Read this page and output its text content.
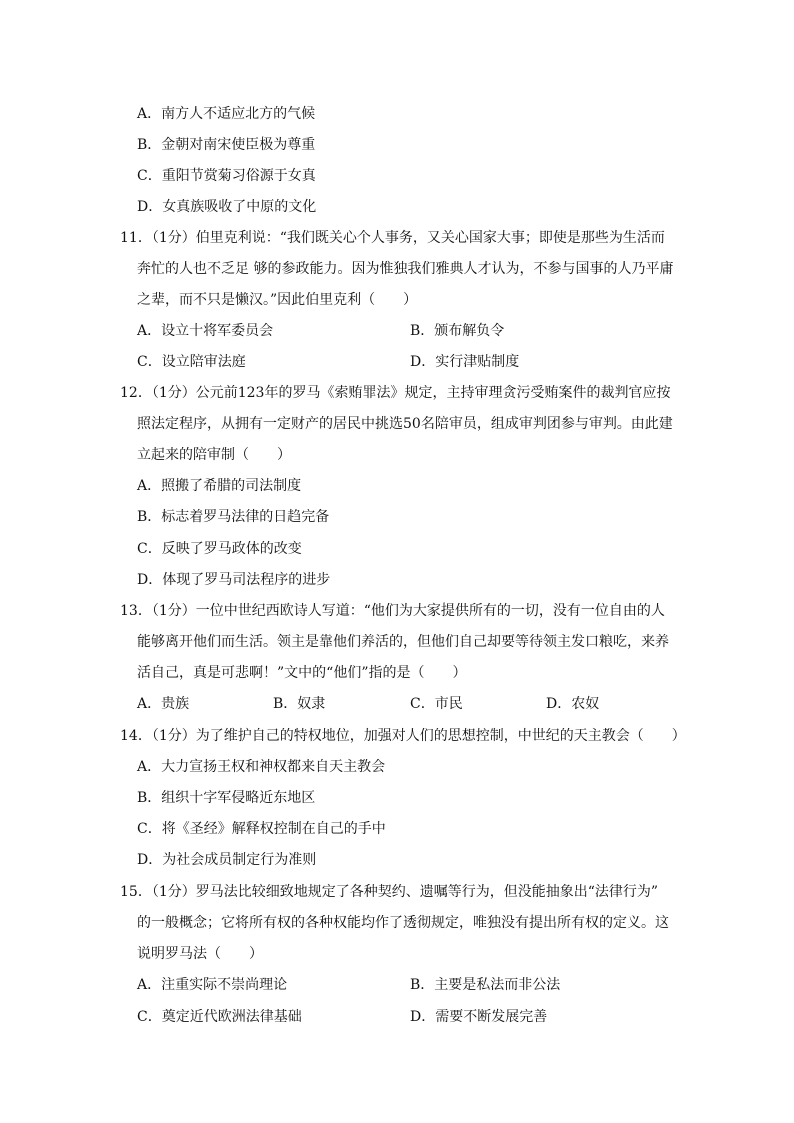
A．南方人不适应北方的气候
B．金朝对南宋使臣极为尊重
C．重阳节赏菊习俗源于女真
D．女真族吸收了中原的文化
11．（1分）伯里克利说：“我们既关心个人事务，又关心国家大事；即使是那些为生活而
奔忙的人也不乏足 够的参政能力。因为惟独我们雅典人才认为，不参与国事的人乃平庸
之辈，而不只是懒汉。”因此伯里克利（　　）
A．设立十将军委员会	B．颁布解负令
C．设立陪审法庭	D．实行津贴制度
12．（1分）公元前123年的罗马《索贿罪法》规定，主持审理贪污受贿案件的裁判官应按
照法定程序，从拥有一定财产的居民中挑选50名陪审员，组成审判团参与审判。由此建
立起来的陪审制（　　）
A．照搬了希腊的司法制度
B．标志着罗马法律的日趋完备
C．反映了罗马政体的改变
D．体现了罗马司法程序的进步
13．（1分）一位中世纪西欧诗人写道：“他们为大家提供所有的一切，没有一位自由的人
能够离开他们而生活。领主是靠他们养活的，但他们自己却要等待领主发口粮吃，来养
活自己，真是可悲啊！”文中的“他们”指的是（　　）
A．贵族	B．奴隶	C．市民	D．农奴
14．（1分）为了维护自己的特权地位，加强对人们的思想控制，中世纪的天主教会（　　）
A．大力宣扬王权和神权都来自天主教会
B．组织十字军侵略近东地区
C．将《圣经》解释权控制在自己的手中
D．为社会成员制定行为准则
15．（1分）罗马法比较细致地规定了各种契约、遗嘱等行为，但没能抽象出“法律行为”
的一般概念；它将所有权的各种权能均作了透彻规定，唯独没有提出所有权的定义。这
说明罗马法（　　）
A．注重实际不崇尚理论	B．主要是私法而非公法
C．奠定近代欧洲法律基础	D．需要不断发展完善
